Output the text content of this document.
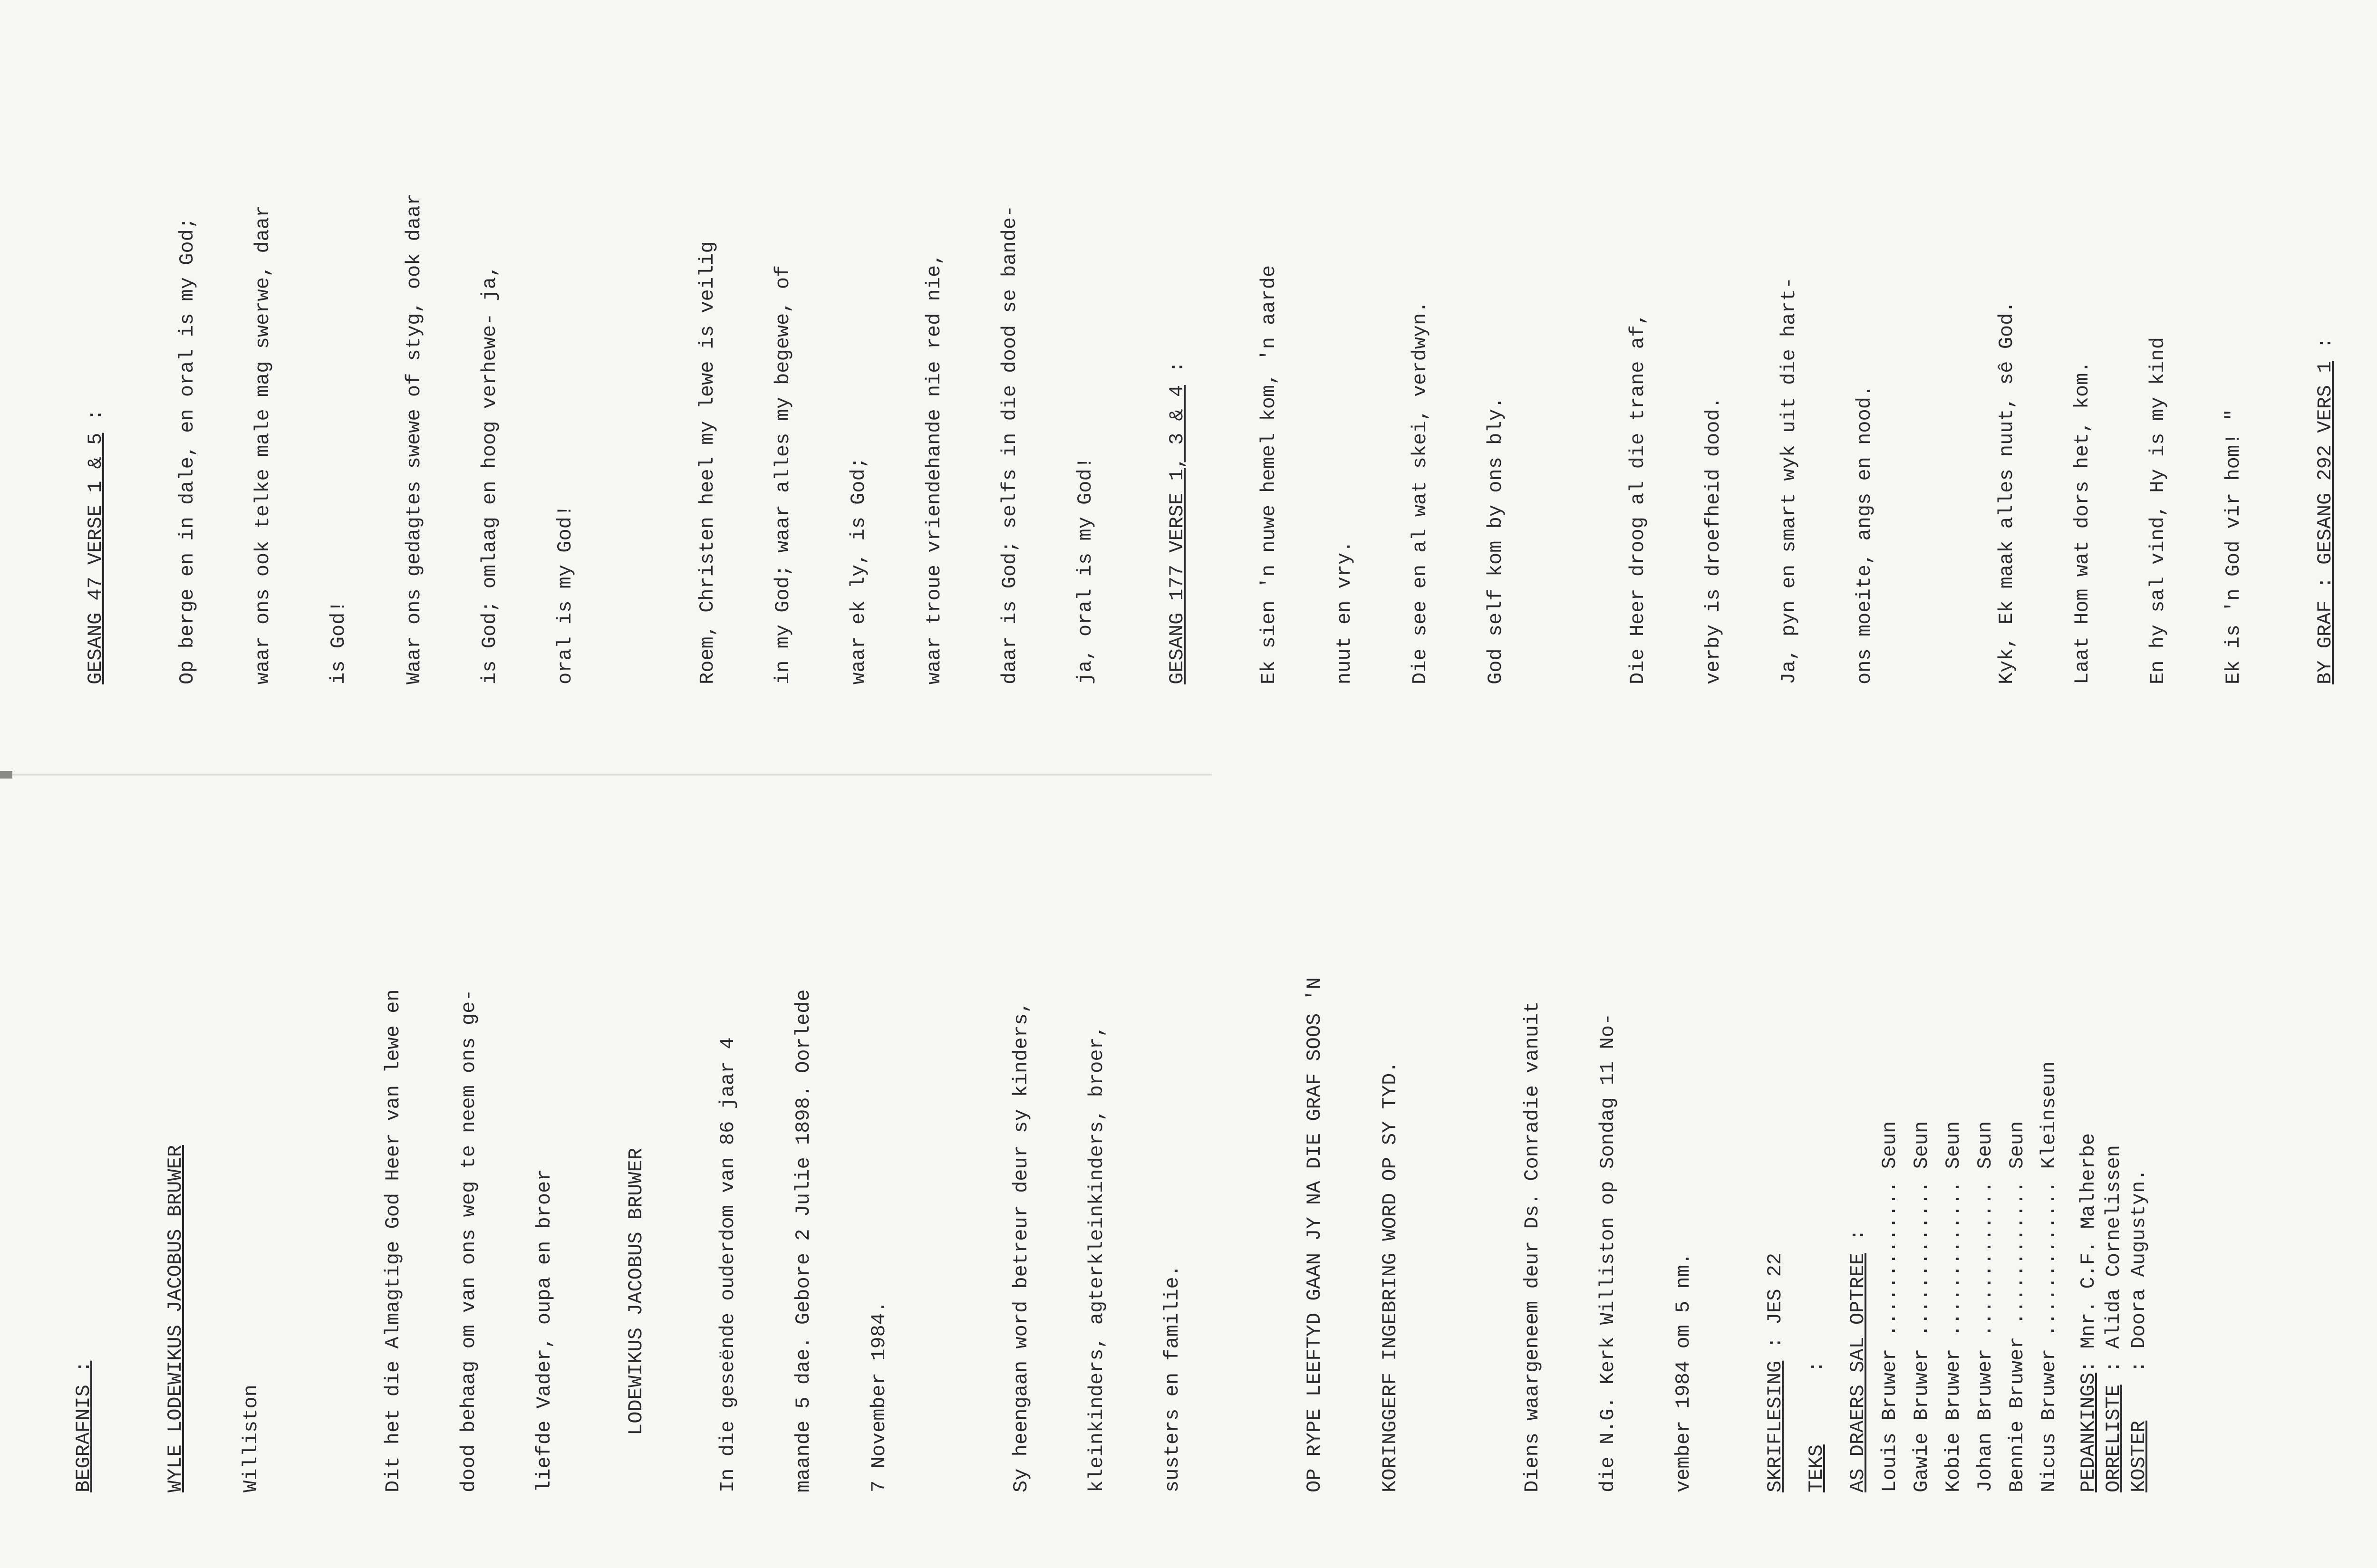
GESANG 47 VERSE 1 & 5 :

	Op berge en in dale, en oral is my God;

	waar ons ook telke male mag swerwe, daar

	is God!

	Waar ons gedagtes swewe of styg, ook daar

	is God; omlaag en hoog verhewe- ja,

	oral is my God!

	Roem, Christen heel my lewe is veilig

	in my God; waar alles my begewe, of

	waar ek ly, is God;

	waar troue vriendehande nie red nie,

	daar is God; selfs in die dood se bande-

	ja, oral is my God!

	GESANG 177 VERSE 1, 3 & 4 :

	Ek sien 'n nuwe hemel kom, 'n aarde

	nuut en vry.

	Die see en al wat skei, verdwyn.

	God self kom by ons bly.

	Die Heer droog al die trane af,

	verby is droefheid dood.

	Ja, pyn en smart wyk uit die hart-

	ons moeite, angs en nood.

	Kyk, Ek maak alles nuut, sê God.

	Laat Hom wat dors het, kom.

	En hy sal vind, Hy is my kind

	Ek is 'n God vir hom! "

	BY GRAF : GESANG 292 VERS 1 :

BEGRAFNIS :

	WYLE LODEWIKUS JACOBUS BRUWER

	Williston

	Dit het die Almagtige God Heer van lewe en

	dood behaag om van ons weg te neem ons ge-

	liefde Vader, oupa en broer

	LODEWIKUS JACOBUS BRUWER

	In die geseënde ouderdom van 86 jaar 4

	maande 5 dae. Gebore 2 Julie 1898. Oorlede

	7 November 1984.

	Sy heengaan word betreur deur sy kinders,

	kleinkinders, agterkleinkinders, broer,

	susters en familie.

	OP RYPE LEEFTYD GAAN JY NA DIE GRAF SOOS 'N

	KORINGGERF INGEBRING WORD OP SY TYD.

	Diens waargeneem deur Ds. Conradie vanuit

	die N.G. Kerk Williston op Sondag 11 No-

	vember 1984 om 5 nm.

	SKRIFLESING : JES 22

TEKS      : AS DRAERS SAL OPTREE :

Louis Bruwer ............. Seun
Gawie Bruwer ............. Seun
Kobie Bruwer ............. Seun
Johan Bruwer ............. Seun
Bennie Bruwer ............ Seun
Nicus Bruwer ............. Kleinseun
PEDANKINGS: Mnr. C.F. Malherbe
ORRELISTE : Alida Cornelissen
KOSTER    : Doora Augustyn.
